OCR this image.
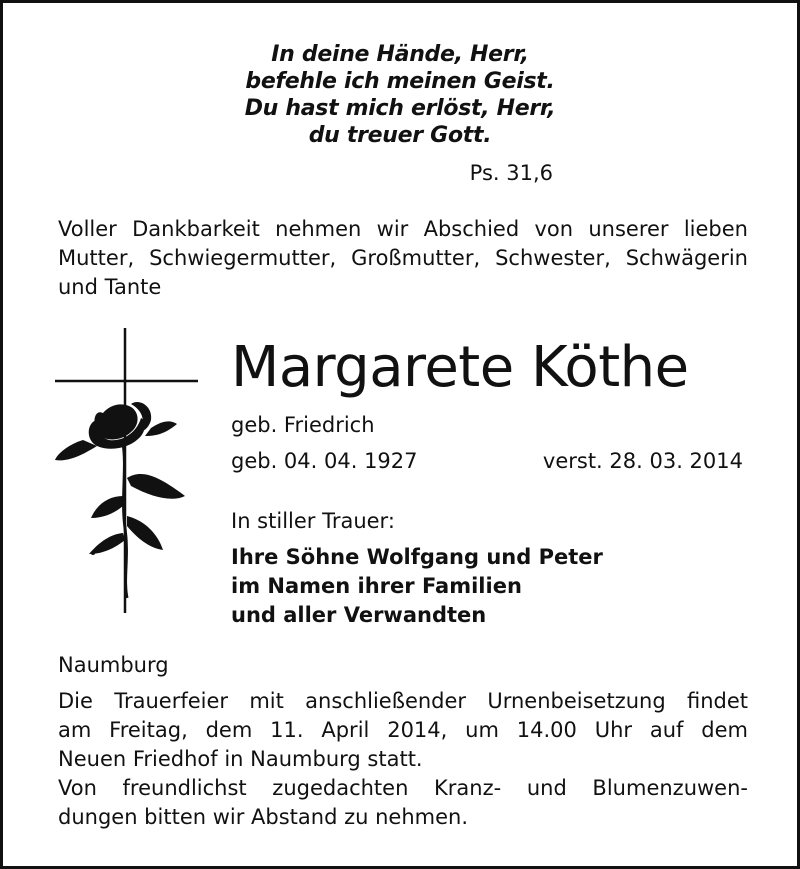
In deine Hände, Herr,
befehle ich meinen Geist.
Du hast mich erlöst, Herr,
du treuer Gott.
Ps. 31,6
Voller Dankbarkeit nehmen wir Abschied von unserer lieben Mutter, Schwiegermutter, Großmutter, Schwester, Schwägerin und Tante
Margarete Köthe
geb. Friedrich
geb. 04. 04. 1927	verst. 28. 03. 2014
In stiller Trauer:
Ihre Söhne Wolfgang und Peter
im Namen ihrer Familien
und aller Verwandten
Naumburg
Die Trauerfeier mit anschließender Urnenbeisetzung findet
am Freitag, dem 11. April 2014, um 14.00 Uhr auf dem
Neuen Friedhof in Naumburg statt.
Von freundlichst zugedachten Kranz- und Blumenzuwen-
dungen bitten wir Abstand zu nehmen.
